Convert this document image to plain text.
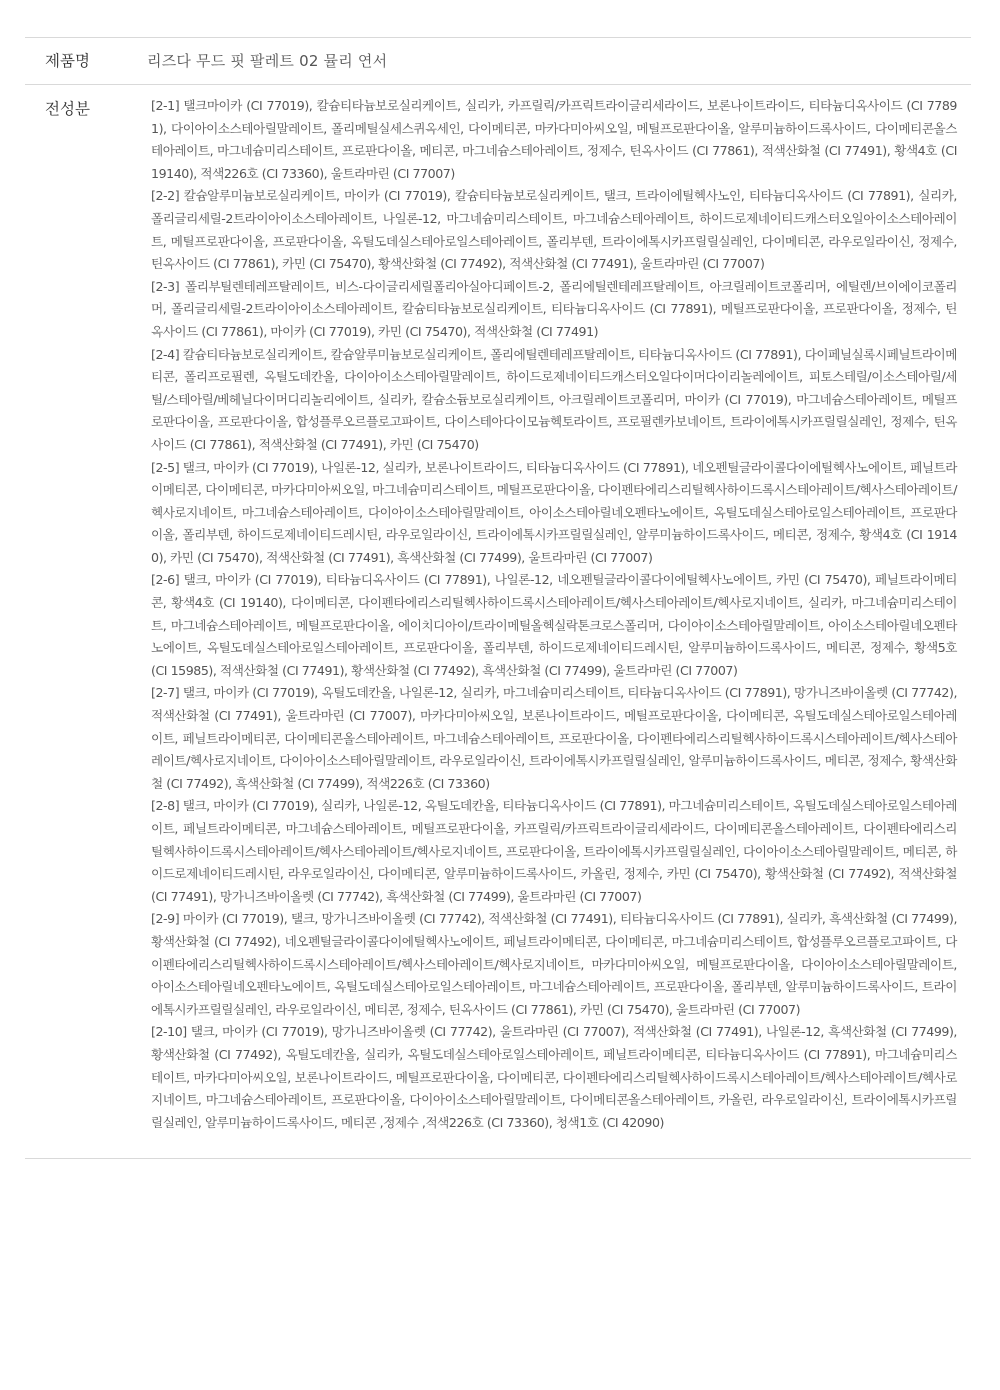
제품명	리즈다 무드 핏 팔레트 02 뮬리 연서
전성분	[2-1] 탤크마이카 (CI 77019), 칼슘티타늄보로실리케이트, 실리카, 카프릴릭/카프릭트라이글리세라이드, 보론나이트라이드, 티타늄디옥사이드 (CI 77891), 다이아이소스테아릴말레이트, 폴리메틸실세스퀴옥세인, 다이메티콘, 마카다미아씨오일, 메틸프로판다이올, 알루미늄하이드록사이드, 다이메티콘올스테아레이트, 마그네슘미리스테이트, 프로판다이올, 메티콘, 마그네슘스테아레이트, 정제수, 틴옥사이드 (CI 77861), 적색산화철 (CI 77491), 황색4호 (CI 19140), 적색226호 (CI 73360), 울트라마린 (CI 77007)

[2-2] 칼슘알루미늄보로실리케이트, 마이카 (CI 77019), 칼슘티타늄보로실리케이트, 탤크, 트라이에틸헥사노인, 티타늄디옥사이드 (CI 77891), 실리카, 폴리글리세릴-2트라이아이소스테아레이트, 나일론-12, 마그네슘미리스테이트, 마그네슘스테아레이트, 하이드로제네이티드캐스터오일아이소스테아레이트, 메틸프로판다이올, 프로판다이올, 옥틸도데실스테아로일스테아레이트, 폴리부텐, 트라이에톡시카프릴릴실레인, 다이메티콘, 라우로일라이신, 정제수, 틴옥사이드 (CI 77861), 카민 (CI 75470), 황색산화철 (CI 77492), 적색산화철 (CI 77491), 울트라마린 (CI 77007)

[2-3] 폴리부틸렌테레프탈레이트, 비스-다이글리세릴폴리아실아디페이트-2, 폴리에틸렌테레프탈레이트, 아크릴레이트코폴리머, 에틸렌/브이에이코폴리머, 폴리글리세릴-2트라이아이소스테아레이트, 칼슘티타늄보로실리케이트, 티타늄디옥사이드 (CI 77891), 메틸프로판다이올, 프로판다이올, 정제수, 틴옥사이드 (CI 77861), 마이카 (CI 77019), 카민 (CI 75470), 적색산화철 (CI 77491)

[2-4] 칼슘티타늄보로실리케이트, 칼슘알루미늄보로실리케이트, 폴리에틸렌테레프탈레이트, 티타늄디옥사이드 (CI 77891), 다이페닐실록시페닐트라이메티콘, 폴리프로필렌, 옥틸도데칸올, 다이아이소스테아릴말레이트, 하이드로제네이티드캐스터오일다이머다이리놀레에이트, 피토스테릴/이소스테아릴/세틸/스테아릴/베헤닐다이머디리놀리에이트, 실리카, 칼슘소듐보로실리케이트, 아크릴레이트코폴리머, 마이카 (CI 77019), 마그네슘스테아레이트, 메틸프로판다이올, 프로판다이올, 합성플루오르플로고파이트, 다이스테아다이모늄헥토라이트, 프로필렌카보네이트, 트라이에톡시카프릴릴실레인, 정제수, 틴옥사이드 (CI 77861), 적색산화철 (CI 77491), 카민 (CI 75470)

[2-5] 탤크, 마이카 (CI 77019), 나일론-12, 실리카, 보론나이트라이드, 티타늄디옥사이드 (CI 77891), 네오펜틸글라이콜다이에틸헥사노에이트, 페닐트라이메티콘, 다이메티콘, 마카다미아씨오일, 마그네슘미리스테이트, 메틸프로판다이올, 다이펜타에리스리틸헥사하이드록시스테아레이트/헥사스테아레이트/헥사로지네이트, 마그네슘스테아레이트, 다이아이소스테아릴말레이트, 아이소스테아릴네오펜타노에이트, 옥틸도데실스테아로일스테아레이트, 프로판다이올, 폴리부텐, 하이드로제네이티드레시틴, 라우로일라이신, 트라이에톡시카프릴릴실레인, 알루미늄하이드록사이드, 메티콘, 정제수, 황색4호 (CI 19140), 카민 (CI 75470), 적색산화철 (CI 77491), 흑색산화철 (CI 77499), 울트라마린 (CI 77007)

[2-6] 탤크, 마이카 (CI 77019), 티타늄디옥사이드 (CI 77891), 나일론-12, 네오펜틸글라이콜다이에틸헥사노에이트, 카민 (CI 75470), 페닐트라이메티콘, 황색4호 (CI 19140), 다이메티콘, 다이펜타에리스리틸헥사하이드록시스테아레이트/헥사스테아레이트/헥사로지네이트, 실리카, 마그네슘미리스테이트, 마그네슘스테아레이트, 메틸프로판다이올, 에이치디아이/트라이메틸올헥실락톤크로스폴리머, 다이아이소스테아릴말레이트, 아이소스테아릴네오펜타노에이트, 옥틸도데실스테아로일스테아레이트, 프로판다이올, 폴리부텐, 하이드로제네이티드레시틴, 알루미늄하이드록사이드, 메티콘, 정제수, 황색5호 (CI 15985), 적색산화철 (CI 77491), 황색산화철 (CI 77492), 흑색산화철 (CI 77499), 울트라마린 (CI 77007)

[2-7] 탤크, 마이카 (CI 77019), 옥틸도데칸올, 나일론-12, 실리카, 마그네슘미리스테이트, 티타늄디옥사이드 (CI 77891), 망가니즈바이올렛 (CI 77742), 적색산화철 (CI 77491), 울트라마린 (CI 77007), 마카다미아씨오일, 보론나이트라이드, 메틸프로판다이올, 다이메티콘, 옥틸도데실스테아로일스테아레이트, 페닐트라이메티콘, 다이메티콘올스테아레이트, 마그네슘스테아레이트, 프로판다이올, 다이펜타에리스리틸헥사하이드록시스테아레이트/헥사스테아레이트/헥사로지네이트, 다이아이소스테아릴말레이트, 라우로일라이신, 트라이에톡시카프릴릴실레인, 알루미늄하이드록사이드, 메티콘, 정제수, 황색산화철 (CI 77492), 흑색산화철 (CI 77499), 적색226호 (CI 73360)

[2-8] 탤크, 마이카 (CI 77019), 실리카, 나일론-12, 옥틸도데칸올, 티타늄디옥사이드 (CI 77891), 마그네슘미리스테이트, 옥틸도데실스테아로일스테아레이트, 페닐트라이메티콘, 마그네슘스테아레이트, 메틸프로판다이올, 카프릴릭/카프릭트라이글리세라이드, 다이메티콘올스테아레이트, 다이펜타에리스리틸헥사하이드록시스테아레이트/헥사스테아레이트/헥사로지네이트, 프로판다이올, 트라이에톡시카프릴릴실레인, 다이아이소스테아릴말레이트, 메티콘, 하이드로제네이티드레시틴, 라우로일라이신, 다이메티콘, 알루미늄하이드록사이드, 카올린, 정제수, 카민 (CI 75470), 황색산화철 (CI 77492), 적색산화철 (CI 77491), 망가니즈바이올렛 (CI 77742), 흑색산화철 (CI 77499), 울트라마린 (CI 77007)

[2-9] 마이카 (CI 77019), 탤크, 망가니즈바이올렛 (CI 77742), 적색산화철 (CI 77491), 티타늄디옥사이드 (CI 77891), 실리카, 흑색산화철 (CI 77499), 황색산화철 (CI 77492), 네오펜틸글라이콜다이에틸헥사노에이트, 페닐트라이메티콘, 다이메티콘, 마그네슘미리스테이트, 합성플루오르플로고파이트, 다이펜타에리스리틸헥사하이드록시스테아레이트/헥사스테아레이트/헥사로지네이트, 마카다미아씨오일, 메틸프로판다이올, 다이아이소스테아릴말레이트, 아이소스테아릴네오펜타노에이트, 옥틸도데실스테아로일스테아레이트, 마그네슘스테아레이트, 프로판다이올, 폴리부텐, 알루미늄하이드록사이드, 트라이에톡시카프릴릴실레인, 라우로일라이신, 메티콘, 정제수, 틴옥사이드 (CI 77861), 카민 (CI 75470), 울트라마린 (CI 77007)

[2-10] 탤크, 마이카 (CI 77019), 망가니즈바이올렛 (CI 77742), 울트라마린 (CI 77007), 적색산화철 (CI 77491), 나일론-12, 흑색산화철 (CI 77499), 황색산화철 (CI 77492), 옥틸도데칸올, 실리카, 옥틸도데실스테아로일스테아레이트, 페닐트라이메티콘, 티타늄디옥사이드 (CI 77891), 마그네슘미리스테이트, 마카다미아씨오일, 보론나이트라이드, 메틸프로판다이올, 다이메티콘, 다이펜타에리스리틸헥사하이드록시스테아레이트/헥사스테아레이트/헥사로지네이트, 마그네슘스테아레이트, 프로판다이올, 다이아이소스테아릴말레이트, 다이메티콘올스테아레이트, 카올린, 라우로일라이신, 트라이에톡시카프릴릴실레인, 알루미늄하이드록사이드, 메티콘 ,정제수 ,적색226호 (CI 73360), 청색1호 (CI 42090)
